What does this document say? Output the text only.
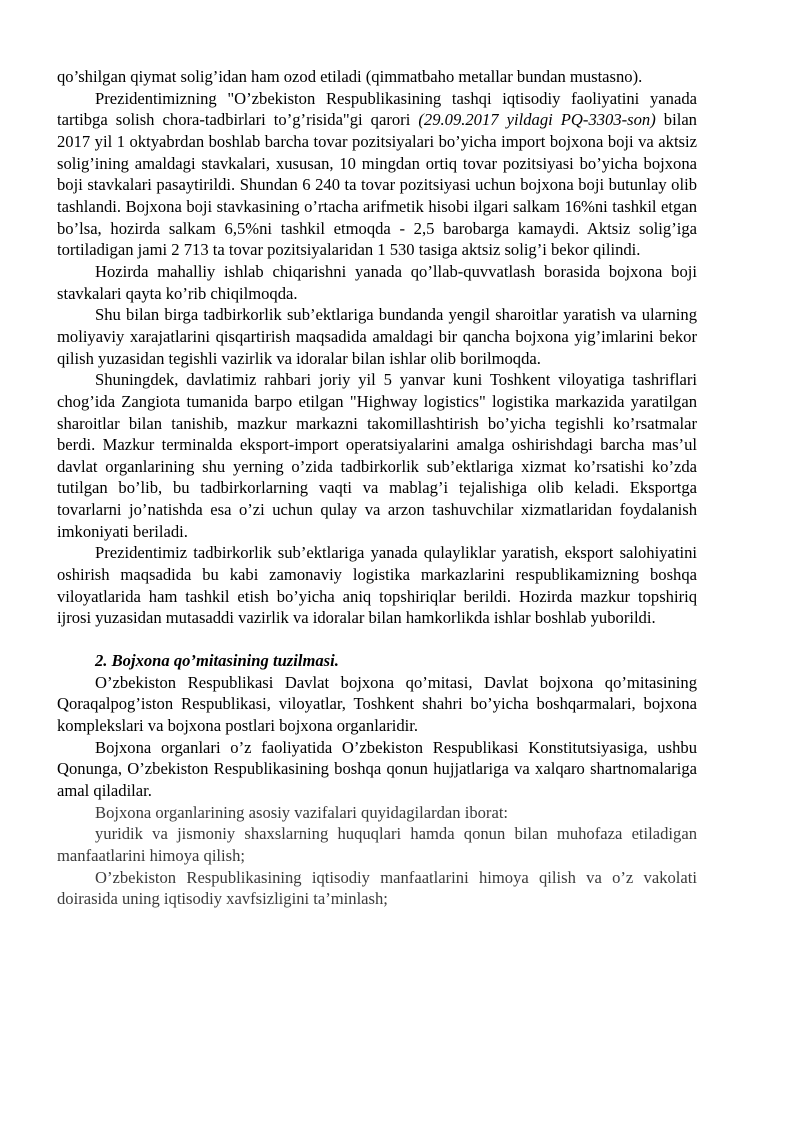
qo’shilgan qiymat solig’idan ham ozod etiladi (qimmatbaho metallar bundan mustasno).

Prezidentimizning "O’zbekiston Respublikasining tashqi iqtisodiy faoliyatini yanada tartibga solish chora-tadbirlari to’g’risida"gi qarori (29.09.2017 yildagi PQ-3303-son) bilan 2017 yil 1 oktyabrdan boshlab barcha tovar pozitsiyalari bo’yicha import bojxona boji va aktsiz solig’ining amaldagi stavkalari, xususan, 10 mingdan ortiq tovar pozitsiyasi bo’yicha bojxona boji stavkalari pasaytirildi. Shundan 6 240 ta tovar pozitsiyasi uchun bojxona boji butunlay olib tashlandi. Bojxona boji stavkasining o’rtacha arifmetik hisobi ilgari salkam 16%ni tashkil etgan bo’lsa, hozirda salkam 6,5%ni tashkil etmoqda - 2,5 barobarga kamaydi. Aktsiz solig’iga tortiladigan jami 2 713 ta tovar pozitsiyalaridan 1 530 tasiga aktsiz solig’i bekor qilindi.

Hozirda mahalliy ishlab chiqarishni yanada qo’llab-quvvatlash borasida bojxona boji stavkalari qayta ko’rib chiqilmoqda.

Shu bilan birga tadbirkorlik sub’ektlariga bundanda yengil sharoitlar yaratish va ularning moliyaviy xarajatlarini qisqartirish maqsadida amaldagi bir qancha bojxona yig’imlarini bekor qilish yuzasidan tegishli vazirlik va idoralar bilan ishlar olib borilmoqda.

Shuningdek, davlatimiz rahbari joriy yil 5 yanvar kuni Toshkent viloyatiga tashriflari chog’ida Zangiota tumanida barpo etilgan "Highway logistics" logistika markazida yaratilgan sharoitlar bilan tanishib, mazkur markazni takomillashtirish bo’yicha tegishli ko’rsatmalar berdi. Mazkur terminalda eksport-import operatsiyalarini amalga oshirishdagi barcha mas’ul davlat organlarining shu yerning o’zida tadbirkorlik sub’ektlariga xizmat ko’rsatishi ko’zda tutilgan bo’lib, bu tadbirkorlarning vaqti va mablag’i tejalishiga olib keladi. Eksportga tovarlarni jo’natishda esa o’zi uchun qulay va arzon tashuvchilar xizmatlaridan foydalanish imkoniyati beriladi.

Prezidentimiz tadbirkorlik sub’ektlariga yanada qulayliklar yaratish, eksport salohiyatini oshirish maqsadida bu kabi zamonaviy logistika markazlarini respublikamizning boshqa viloyatlarida ham tashkil etish bo’yicha aniq topshiriqlar berildi. Hozirda mazkur topshiriq ijrosi yuzasidan mutasaddi vazirlik va idoralar bilan hamkorlikda ishlar boshlab yuborildi.

2. Bojxona qo’mitasining tuzilmasi.

O’zbekiston Respublikasi Davlat bojxona qo’mitasi, Davlat bojxona qo’mitasining Qoraqalpog’iston Respublikasi, viloyatlar, Toshkent shahri bo’yicha boshqarmalari, bojxona komplekslari va bojxona postlari bojxona organlaridir.

Bojxona organlari o’z faoliyatida O’zbekiston Respublikasi Konstitutsiyasiga, ushbu Qonunga, O’zbekiston Respublikasining boshqa qonun hujjatlariga va xalqaro shartnomalariga amal qiladilar.

Bojxona organlarining asosiy vazifalari quyidagilardan iborat:

yuridik va jismoniy shaxslarning huquqlari hamda qonun bilan muhofaza etiladigan manfaatlarini himoya qilish;

O’zbekiston Respublikasining iqtisodiy manfaatlarini himoya qilish va o’z vakolati doirasida uning iqtisodiy xavfsizligini ta’minlash;
